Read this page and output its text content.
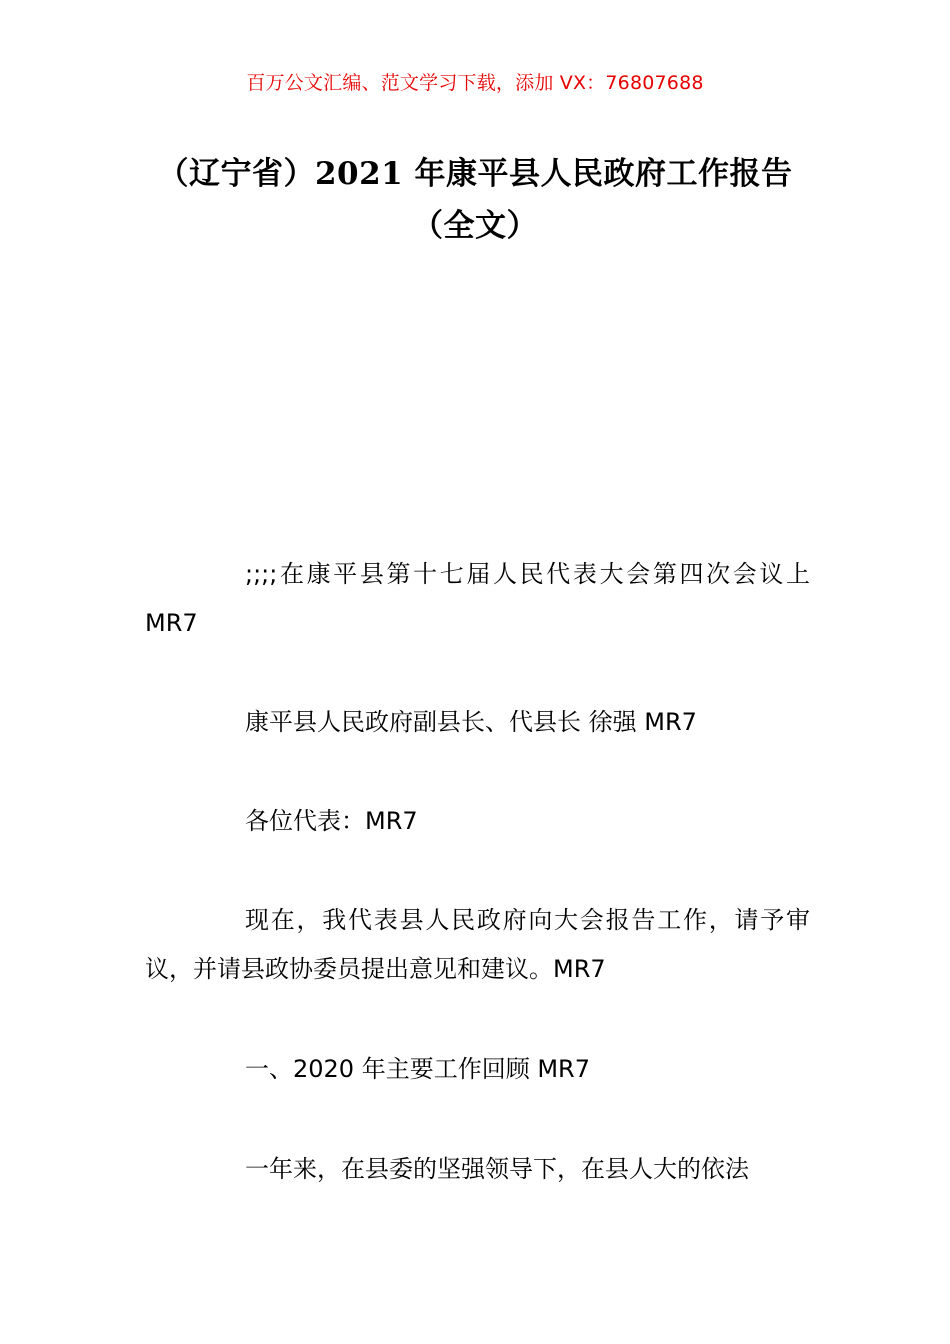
百万公文汇编、范文学习下载，添加 VX：76807688
（辽宁省）2021 年康平县人民政府工作报告（全文）

;;;;在康平县第十七届人民代表大会第四次会议上 MR7

康平县人民政府副县长、代县长 徐强 MR7

各位代表：MR7

现在，我代表县人民政府向大会报告工作，请予审议，并请县政协委员提出意见和建议。MR7

一、2020 年主要工作回顾 MR7

一年来，在县委的坚强领导下，在县人大的依法
